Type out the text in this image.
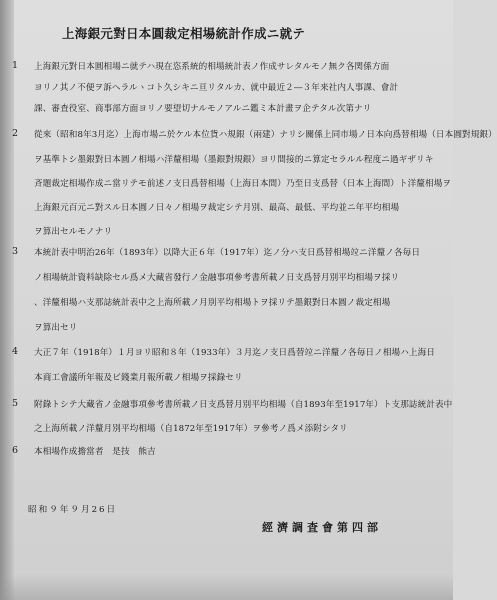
上海銀元對日本圓裁定相場統計作成ニ就テ
1 上海銀元對日本圓相場ニ就テハ現在恣系統的相場統計表ノ作成サレタルモノ無ク各関係方面
ヨリノ其ノ不便ヲ訴ヘラルヽコト久シキニ亘リタルカ、就中最近２―３年来社内人事課、會計
課、審査役室、商事部方面ヨリノ要望切ナルモノアルニ鑑ミ本計畫ヲ企テタル次第ナリ
2 從來（昭和8年3月迄）上海市場ニ於ケル本位貨ハ規銀（兩建）ナリシ關係上同市場ノ日本向爲替相場（日本圓對規銀）
ヲ基準トシ墨銀對日本圓ノ相場ハ洋釐相場（墨銀對規銀）ヨリ間接的ニ算定セラルル程度ニ過ギザリキ
斉題裁定相場作成ニ當リテモ前述ノ支日爲替相場（上海日本間）乃至日支爲替（日本上海間）ト洋釐相場ヲ
上海銀元百元ニ對スル日本圓ノ日々ノ相場ヲ裁定シテ月別、最高、最低、平均並ニ年平均相場
ヲ算出セルモノナリ
3 本統計表中明治26年（1893年）以降大正６年（1917年）迄ノ分ハ支日爲替相場竝ニ洋釐ノ各毎日
ノ相場統計資料缺除セル爲メ大藏省發行ノ金融事項參考書所載ノ日支爲替月別平均相場ヲ採リ
、洋釐相場ハ支那誌統計表中之上海所載ノ月別平均相場トヲ採リテ墨銀對日本圓ノ裁定相場
ヲ算出セリ
4 大正７年（1918年）１月ヨリ昭和８年（1933年）３月迄ノ支日爲替竝ニ洋釐ノ各毎日ノ相場ハ上海日
本商工會議所年報及ビ錢業月報所載ノ相場ヲ採錄セリ
5 附錄トシテ大藏省ノ金融事項參考書所載ノ日支爲替月別平均相場（自1893年至1917年）ト支那誌統計表中
之上海所載ノ洋釐月別平均相場（自1872年至1917年）ヲ參考ノ爲メ添附シタリ
6 本相場作成擔當者　是技　熊吉
昭和９年９月26日
經濟調査會第四部
